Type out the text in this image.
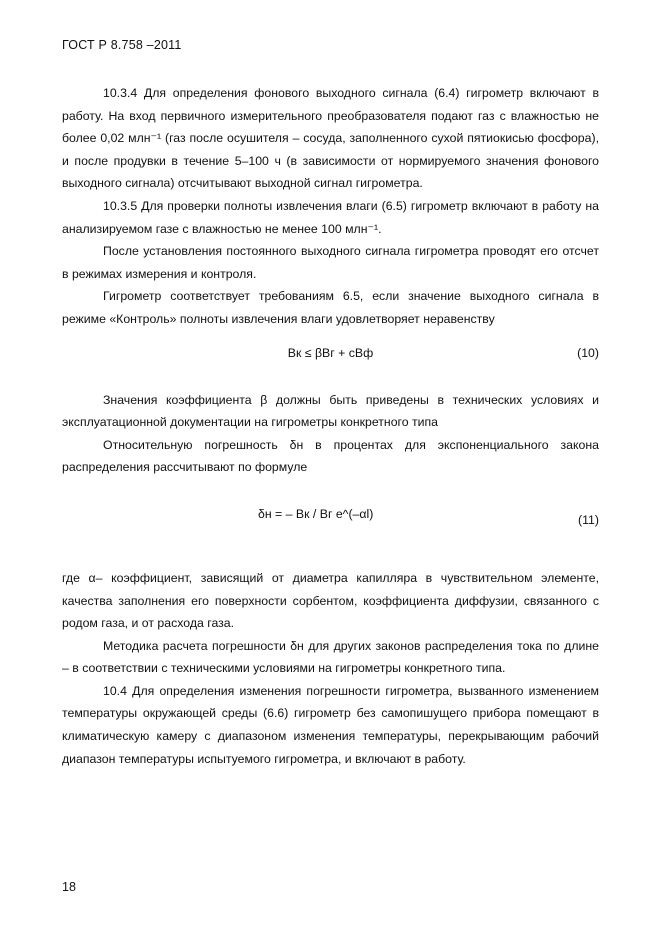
ГОСТ Р 8.758 –2011

10.3.4 Для определения фонового выходного сигнала (6.4) гигрометр включают в работу. На вход первичного измерительного преобразователя подают газ с влажностью не более 0,02 млн⁻¹ (газ после осушителя – сосуда, заполненного сухой пятиокисью фосфора), и после продувки в течение 5–100 ч (в зависимости от нормируемого значения фонового выходного сигнала) отсчитывают выходной сигнал гигрометра.

10.3.5 Для проверки полноты извлечения влаги (6.5) гигрометр включают в работу на анализируемом газе с влажностью не менее 100 млн⁻¹.

После установления постоянного выходного сигнала гигрометра проводят его отсчет в режимах измерения и контроля.

Гигрометр соответствует требованиям 6.5, если значение выходного сигнала в режиме «Контроль» полноты извлечения влаги удовлетворяет неравенству

Bк ≤ βBг + cBф	(10)

Значения коэффициента β должны быть приведены в технических условиях и эксплуатационной документации на гигрометры конкретного типа

Относительную погрешность δн в процентах для экспоненциального закона распределения рассчитывают по формуле

δн = – Bк / Bг e^(–αl)	(11)

где α– коэффициент, зависящий от диаметра капилляра в чувствительном элементе, качества заполнения его поверхности сорбентом, коэффициента диффузии, связанного с родом газа, и от расхода газа.

Методика расчета погрешности δн для других законов распределения тока по длине – в соответствии с техническими условиями на гигрометры конкретного типа.

10.4 Для определения изменения погрешности гигрометра, вызванного изменением температуры окружающей среды (6.6) гигрометр без самопишущего прибора помещают в климатическую камеру с диапазоном изменения температуры, перекрывающим рабочий диапазон температуры испытуемого гигрометра, и включают в работу.

18
